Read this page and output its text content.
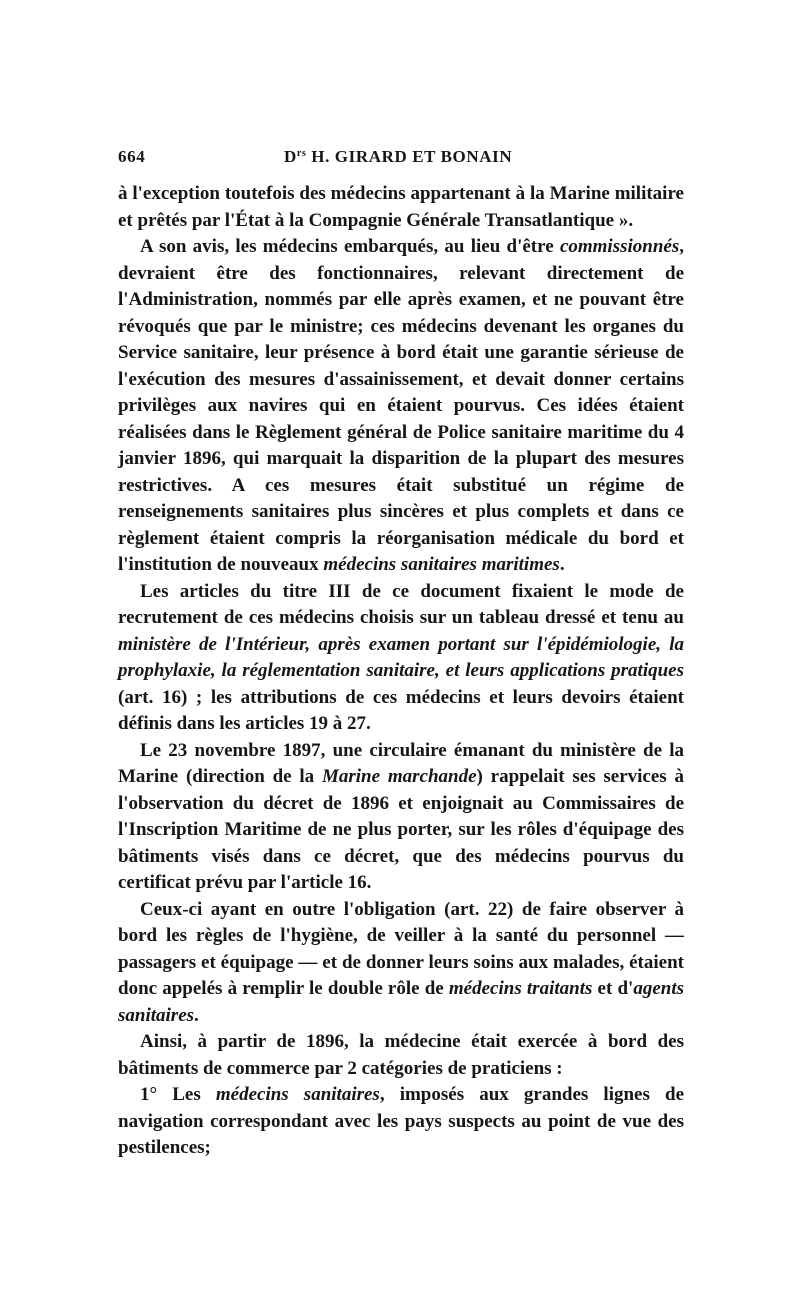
664	$D^{rs}$ H. GIRARD ET BONAIN

à l'exception toutefois des médecins appartenant à la Marine militaire et prêtés par l'État à la Compagnie Générale Transatlantique ».

A son avis, les médecins embarqués, au lieu d'être commissionnés, devraient être des fonctionnaires, relevant directement de l'Administration, nommés par elle après examen, et ne pouvant être révoqués que par le ministre; ces médecins devenant les organes du Service sanitaire, leur présence à bord était une garantie sérieuse de l'exécution des mesures d'assainissement, et devait donner certains privilèges aux navires qui en étaient pourvus. Ces idées étaient réalisées dans le Règlement général de Police sanitaire maritime du 4 janvier 1896, qui marquait la disparition de la plupart des mesures restrictives. A ces mesures était substitué un régime de renseignements sanitaires plus sincères et plus complets et dans ce règlement étaient compris la réorganisation médicale du bord et l'institution de nouveaux médecins sanitaires maritimes.

Les articles du titre III de ce document fixaient le mode de recrutement de ces médecins choisis sur un tableau dressé et tenu au ministère de l'Intérieur, après examen portant sur l'épidémiologie, la prophylaxie, la réglementation sanitaire, et leurs applications pratiques (art. 16) ; les attributions de ces médecins et leurs devoirs étaient définis dans les articles 19 à 27.

Le 23 novembre 1897, une circulaire émanant du ministère de la Marine (direction de la Marine marchande) rappelait ses services à l'observation du décret de 1896 et enjoignait au Commissaires de l'Inscription Maritime de ne plus porter, sur les rôles d'équipage des bâtiments visés dans ce décret, que des médecins pourvus du certificat prévu par l'article 16.

Ceux-ci ayant en outre l'obligation (art. 22) de faire observer à bord les règles de l'hygiène, de veiller à la santé du personnel — passagers et équipage — et de donner leurs soins aux malades, étaient donc appelés à remplir le double rôle de médecins traitants et d'agents sanitaires.

Ainsi, à partir de 1896, la médecine était exercée à bord des bâtiments de commerce par 2 catégories de praticiens :

1° Les médecins sanitaires, imposés aux grandes lignes de navigation correspondant avec les pays suspects au point de vue des pestilences;
